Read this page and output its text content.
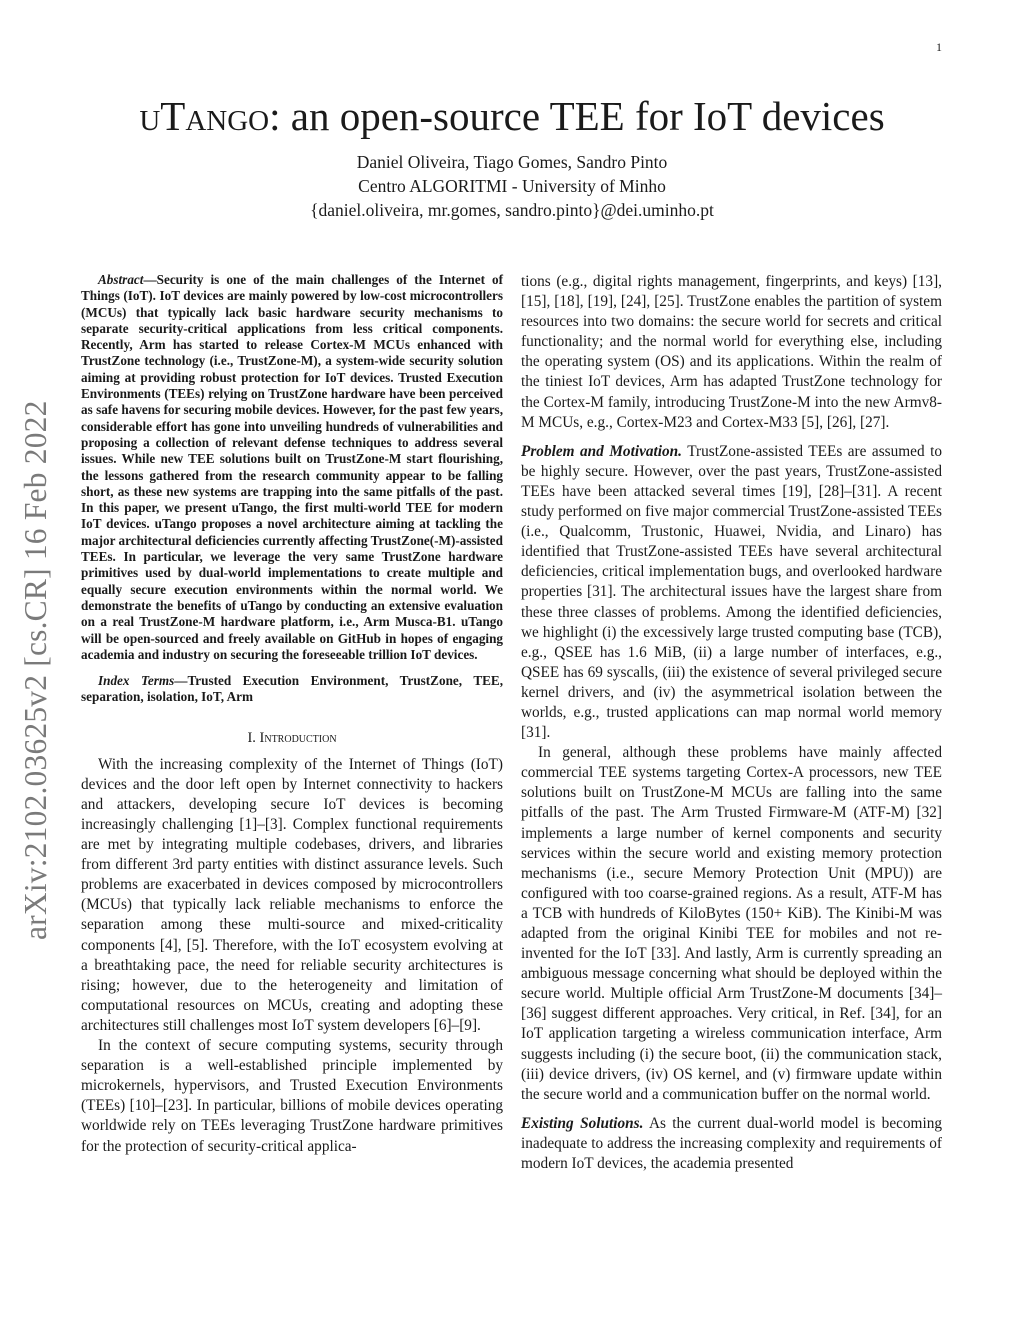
1
arXiv:2102.03625v2 [cs.CR] 16 Feb 2022
uTango: an open-source TEE for IoT devices
Daniel Oliveira, Tiago Gomes, Sandro Pinto
Centro ALGORITMI - University of Minho
{daniel.oliveira, mr.gomes, sandro.pinto}@dei.uminho.pt

Abstract—Security is one of the main challenges of the Internet of Things (IoT). IoT devices are mainly powered by low-cost microcontrollers (MCUs) that typically lack basic hardware security mechanisms to separate security-critical applications from less critical components. Recently, Arm has started to release Cortex-M MCUs enhanced with TrustZone technology (i.e., TrustZone-M), a system-wide security solution aiming at providing robust protection for IoT devices. Trusted Execution Environments (TEEs) relying on TrustZone hardware have been perceived as safe havens for securing mobile devices. However, for the past few years, considerable effort has gone into unveiling hundreds of vulnerabilities and proposing a collection of relevant defense techniques to address several issues. While new TEE solutions built on TrustZone-M start flourishing, the lessons gathered from the research community appear to be falling short, as these new systems are trapping into the same pitfalls of the past. In this paper, we present uTango, the first multi-world TEE for modern IoT devices. uTango proposes a novel architecture aiming at tackling the major architectural deficiencies currently affecting TrustZone(-M)-assisted TEEs. In particular, we leverage the very same TrustZone hardware primitives used by dual-world implementations to create multiple and equally secure execution environments within the normal world. We demonstrate the benefits of uTango by conducting an extensive evaluation on a real TrustZone-M hardware platform, i.e., Arm Musca-B1. uTango will be open-sourced and freely available on GitHub in hopes of engaging academia and industry on securing the foreseeable trillion IoT devices.

Index Terms—Trusted Execution Environment, TrustZone, TEE, separation, isolation, IoT, Arm

I. Introduction

With the increasing complexity of the Internet of Things (IoT) devices and the door left open by Internet connectivity to hackers and attackers, developing secure IoT devices is becoming increasingly challenging [1]–[3]. Complex functional requirements are met by integrating multiple codebases, drivers, and libraries from different 3rd party entities with distinct assurance levels. Such problems are exacerbated in devices composed by microcontrollers (MCUs) that typically lack reliable mechanisms to enforce the separation among these multi-source and mixed-criticality components [4], [5]. Therefore, with the IoT ecosystem evolving at a breathtaking pace, the need for reliable security architectures is rising; however, due to the heterogeneity and limitation of computational resources on MCUs, creating and adopting these architectures still challenges most IoT system developers [6]–[9].

In the context of secure computing systems, security through separation is a well-established principle implemented by microkernels, hypervisors, and Trusted Execution Environments (TEEs) [10]–[23]. In particular, billions of mobile devices operating worldwide rely on TEEs leveraging TrustZone hardware primitives for the protection of security-critical applica-

tions (e.g., digital rights management, fingerprints, and keys) [13], [15], [18], [19], [24], [25]. TrustZone enables the partition of system resources into two domains: the secure world for secrets and critical functionality; and the normal world for everything else, including the operating system (OS) and its applications. Within the realm of the tiniest IoT devices, Arm has adapted TrustZone technology for the Cortex-M family, introducing TrustZone-M into the new Armv8-M MCUs, e.g., Cortex-M23 and Cortex-M33 [5], [26], [27].

Problem and Motivation. TrustZone-assisted TEEs are assumed to be highly secure. However, over the past years, TrustZone-assisted TEEs have been attacked several times [19], [28]–[31]. A recent study performed on five major commercial TrustZone-assisted TEEs (i.e., Qualcomm, Trustonic, Huawei, Nvidia, and Linaro) has identified that TrustZone-assisted TEEs have several architectural deficiencies, critical implementation bugs, and overlooked hardware properties [31]. The architectural issues have the largest share from these three classes of problems. Among the identified deficiencies, we highlight (i) the excessively large trusted computing base (TCB), e.g., QSEE has 1.6 MiB, (ii) a large number of interfaces, e.g., QSEE has 69 syscalls, (iii) the existence of several privileged secure kernel drivers, and (iv) the asymmetrical isolation between the worlds, e.g., trusted applications can map normal world memory [31].

In general, although these problems have mainly affected commercial TEE systems targeting Cortex-A processors, new TEE solutions built on TrustZone-M MCUs are falling into the same pitfalls of the past. The Arm Trusted Firmware-M (ATF-M) [32] implements a large number of kernel components and security services within the secure world and existing memory protection mechanisms (i.e., secure Memory Protection Unit (MPU)) are configured with too coarse-grained regions. As a result, ATF-M has a TCB with hundreds of KiloBytes (150+ KiB). The Kinibi-M was adapted from the original Kinibi TEE for mobiles and not re-invented for the IoT [33]. And lastly, Arm is currently spreading an ambiguous message concerning what should be deployed within the secure world. Multiple official Arm TrustZone-M documents [34]–[36] suggest different approaches. Very critical, in Ref. [34], for an IoT application targeting a wireless communication interface, Arm suggests including (i) the secure boot, (ii) the communication stack, (iii) device drivers, (iv) OS kernel, and (v) firmware update within the secure world and a communication buffer on the normal world.

Existing Solutions. As the current dual-world model is becoming inadequate to address the increasing complexity and requirements of modern IoT devices, the academia presented
